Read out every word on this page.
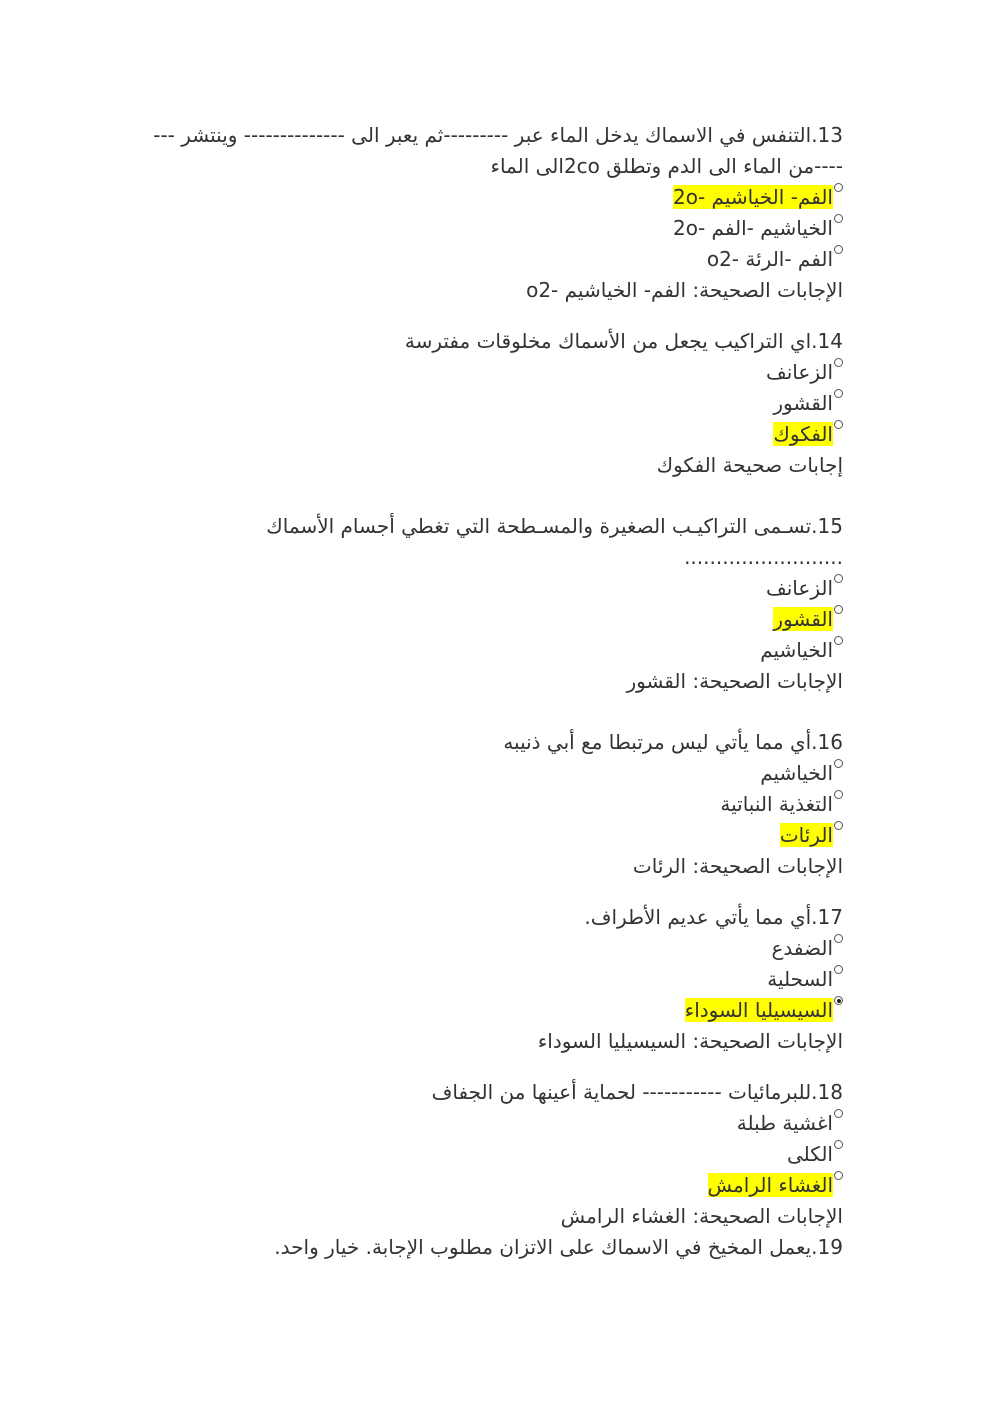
13.التنفس في الاسماك يدخل الماء عبر ---------ثم يعبر الى -------------- وينتشر -------من الماء الى الدم وتطلق 2coالى الماء
الفم- الخياشيم -2o
الخياشيم -الفم -2o
الفم -الرئة -o2
الإجابات الصحيحة: الفم- الخياشيم -o2
14.اي التراكيب يجعل من الأسماك مخلوقات مفترسة
الزعانف
القشور
الفكوك
إجابات صحيحة الفكوك
15.تسـمى التراكيـب الصغيرة والمسـطحة التي تغطي أجسام الأسماك .........................
الزعانف
القشور
الخياشيم
الإجابات الصحيحة: القشور
16.أي مما يأتي ليس مرتبطا مع أبي ذنيبه
الخياشيم
التغذية النباتية
الرئات
الإجابات الصحيحة: الرئات
17.أي مما يأتي عديم الأطراف.
الضفدع
السحلية
السيسيليا السوداء
الإجابات الصحيحة: السيسيليا السوداء
18.للبرمائيات ----------- لحماية أعينها من الجفاف
اغشية طبلة
الكلى
الغشاء الرامش
الإجابات الصحيحة: الغشاء الرامش
19.يعمل المخيخ في الاسماك على الاتزان مطلوب الإجابة. خيار واحد.
